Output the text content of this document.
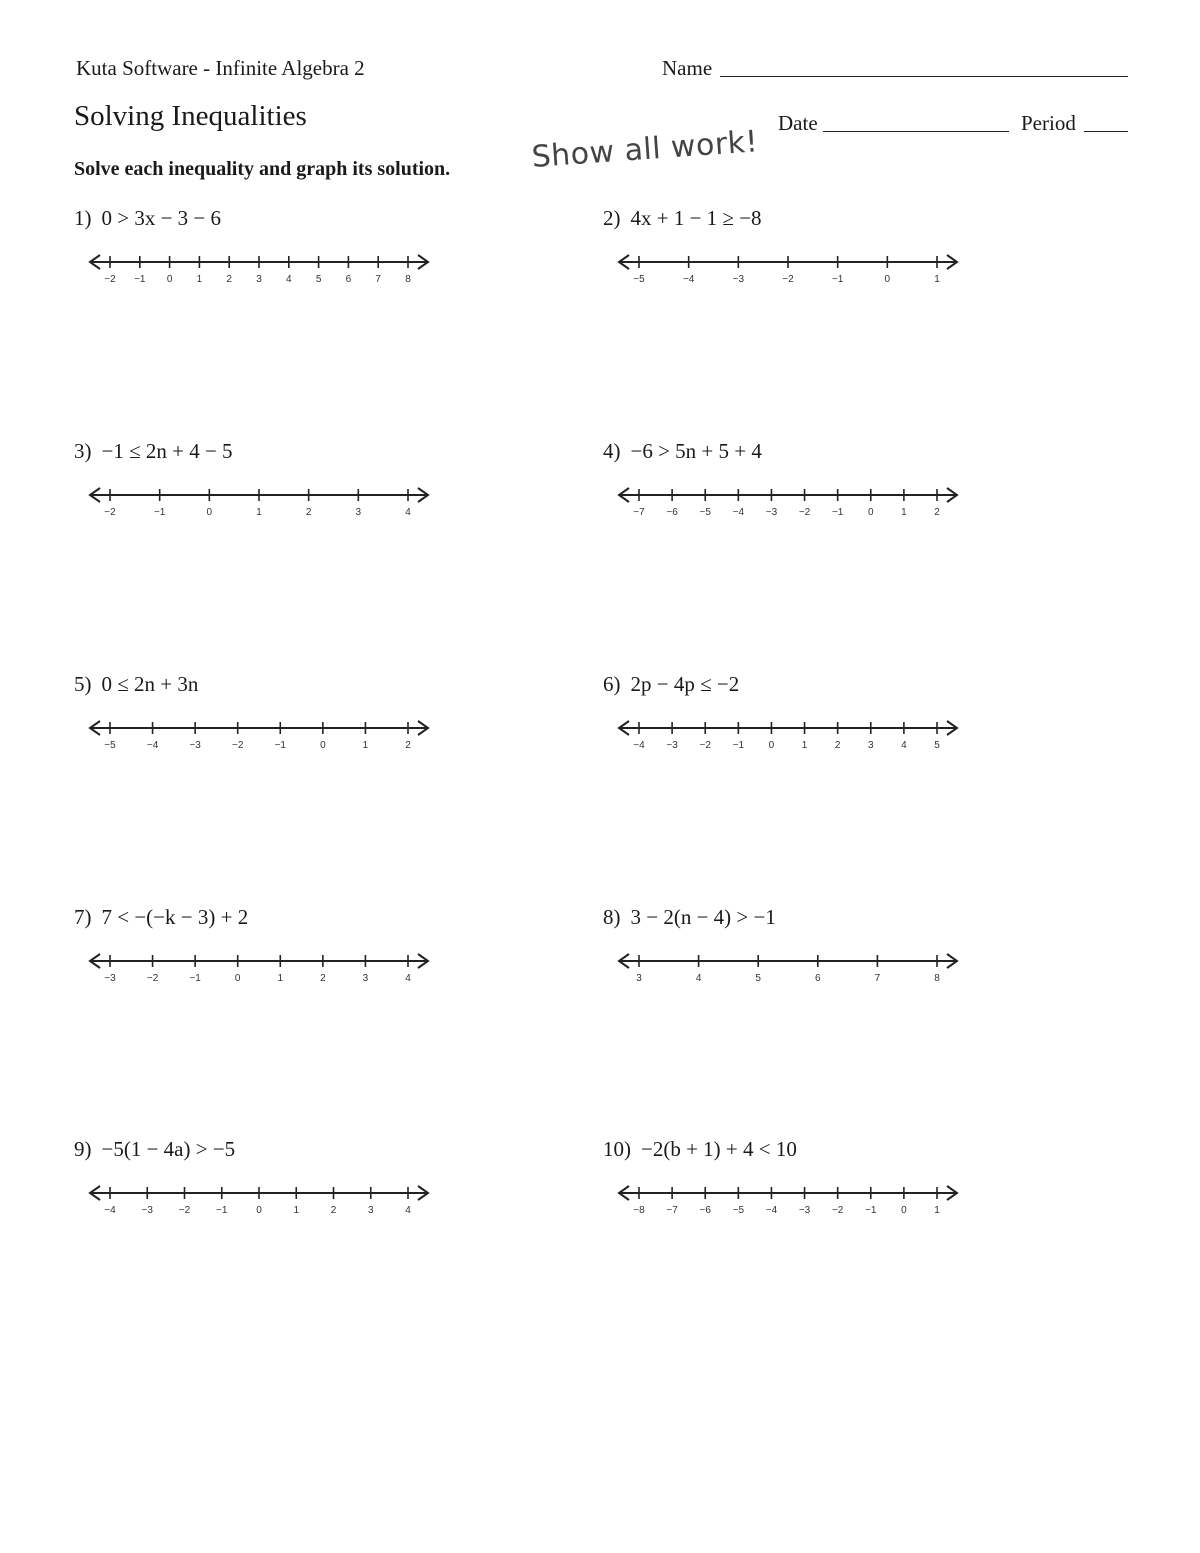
Kuta Software - Infinite Algebra 2	Name
Solving Inequalities	Date	Period
Solve each inequality and graph its solution.	Show all work!
1) 0 > 3x − 3 − 6
−2 −1 0 1 2 3 4 5 6 7 8
2) 4x + 1 − 1 ≥ −8
−5	−4	−3	−2	−1	0	1
3) −1 ≤ 2n + 4 − 5
−2	−1	0	1	2	3	4
4) −6 > 5n + 5 + 4
−7 −6 −5 −4 −3 −2 −1 0	1	2
5) 0 ≤ 2n + 3n
−5	−4	−3	−2	−1	0	1	2
6) 2p − 4p ≤ −2
−4 −3 −2 −1 0	1	2	3	4	5
7) 7 < −(−k − 3) + 2
−3	−2	−1	0	1	2	3	4
8) 3 − 2(n − 4) > −1
3	4	5	6	7	8
9) −5(1 − 4a) > −5
−4	−3	−2	−1	0	1	2	3	4
10) −2(b + 1) + 4 < 10
−8 −7 −6 −5 −4 −3 −2 −1 0	1
